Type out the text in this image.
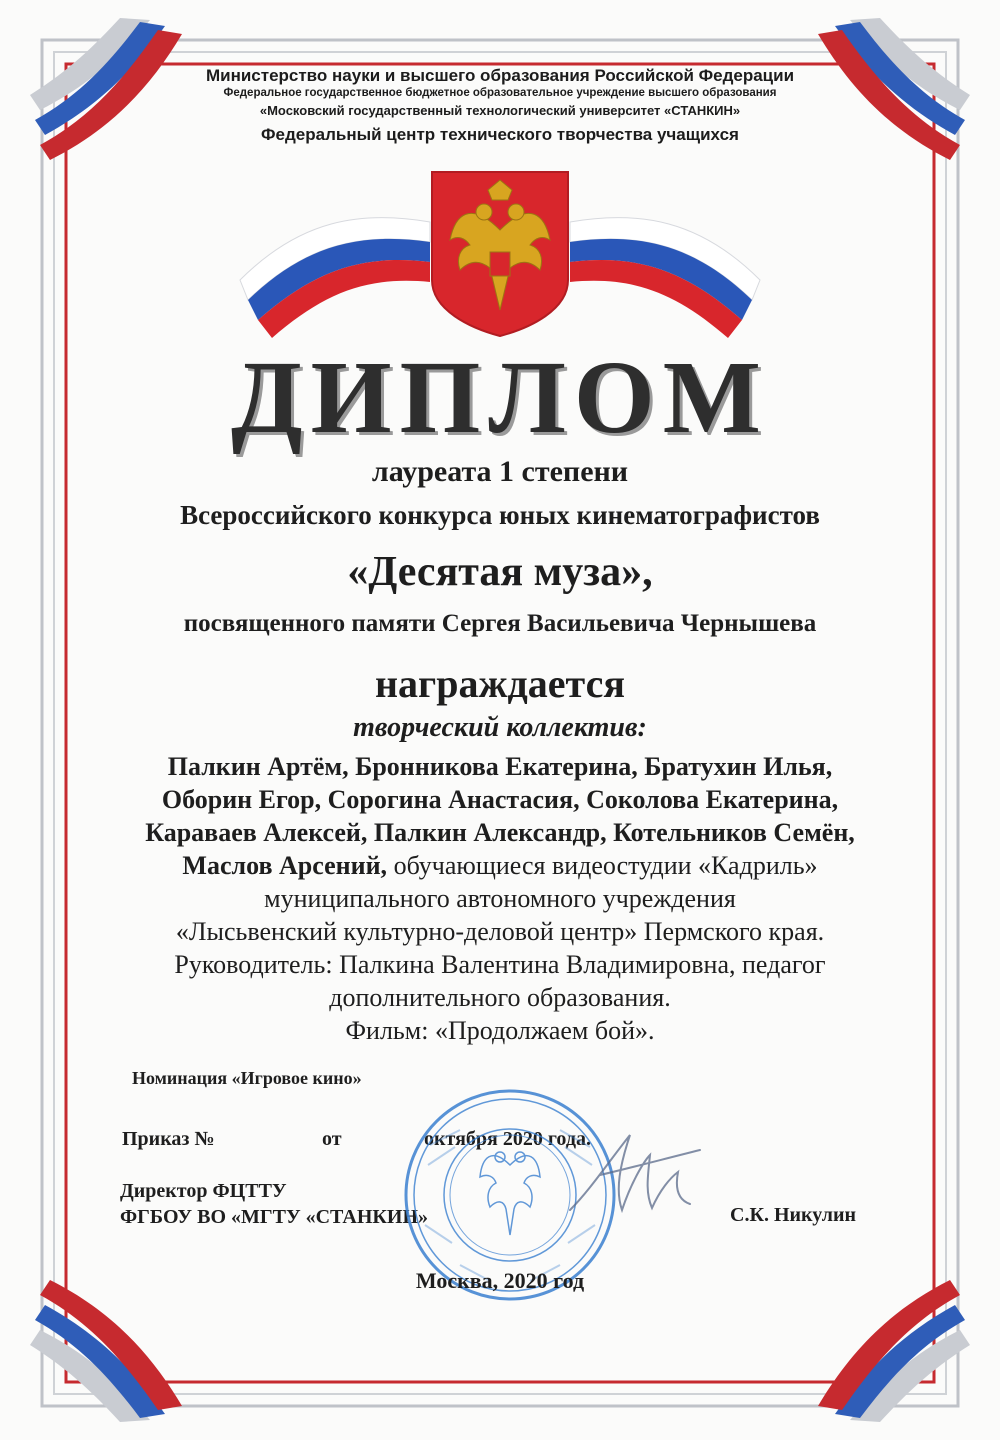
Министерство науки и высшего образования Российской Федерации
Федеральное государственное бюджетное образовательное учреждение высшего образования
«Московский государственный технологический университет «СТАНКИН»
Федеральный центр технического творчества учащихся
ДИПЛОМ
лауреата 1 степени
Всероссийского конкурса юных кинематографистов
«Десятая муза»,
посвященного памяти Сергея Васильевича Чернышева
награждается
творческий коллектив:
Палкин Артём, Бронникова Екатерина, Братухин Илья,
Оборин Егор, Сорогина Анастасия, Соколова Екатерина,
Караваев Алексей, Палкин Александр, Котельников Семён,
Маслов Арсений, обучающиеся видеостудии «Кадриль»
муниципального автономного учреждения
«Лысьвенский культурно-деловой центр» Пермского края.
Руководитель: Палкина Валентина Владимировна, педагог
дополнительного образования.
Фильм: «Продолжаем бой».
Номинация «Игровое кино»
Приказ №	от	октября 2020 года.
Директор ФЦТТУ
ФГБОУ ВО «МГТУ «СТАНКИН»	С.К. Никулин
Москва, 2020 год
